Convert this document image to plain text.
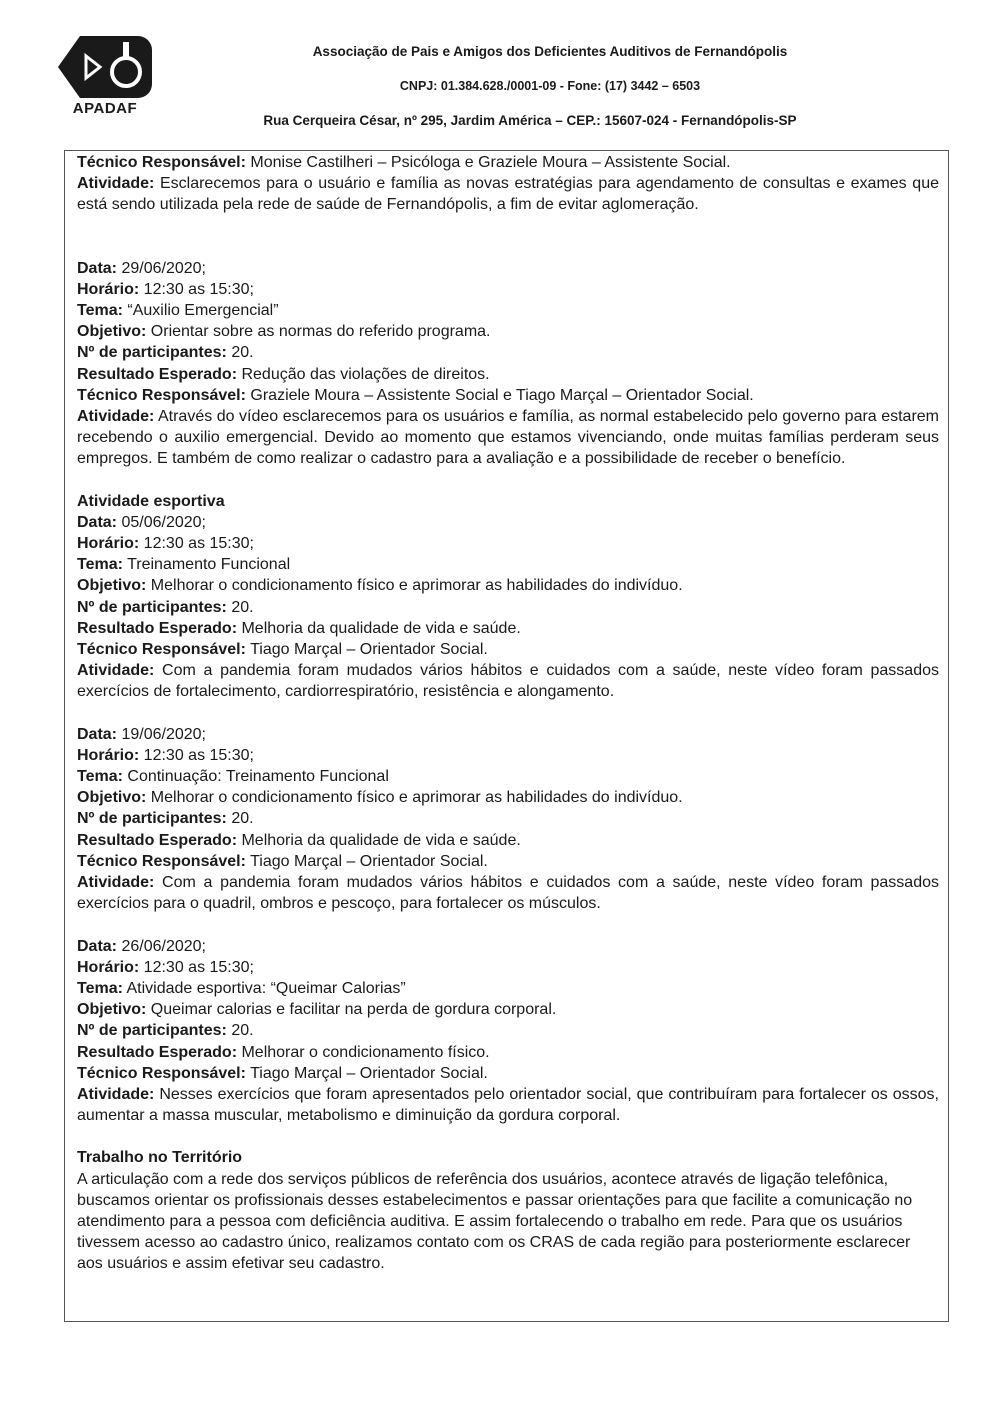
APADAF
Associação de Pais e Amigos dos Deficientes Auditivos de Fernandópolis
CNPJ: 01.384.628./0001-09 - Fone: (17) 3442 – 6503
Rua Cerqueira César, nº 295, Jardim América – CEP.: 15607-024 - Fernandópolis-SP

Técnico Responsável: Monise Castilheri – Psicóloga e Graziele Moura – Assistente Social.

Atividade: Esclarecemos para o usuário e família as novas estratégias para agendamento de consultas e exames que está sendo utilizada pela rede de saúde de Fernandópolis, a fim de evitar aglomeração.

Data: 29/06/2020;

Horário: 12:30 as 15:30;

Tema: “Auxilio Emergencial”

Objetivo: Orientar sobre as normas do referido programa.

Nº de participantes: 20.

Resultado Esperado: Redução das violações de direitos.

Técnico Responsável: Graziele Moura – Assistente Social e Tiago Marçal – Orientador Social.

Atividade: Através do vídeo esclarecemos para os usuários e família, as normal estabelecido pelo governo para estarem recebendo o auxilio emergencial. Devido ao momento que estamos vivenciando, onde muitas famílias perderam seus empregos. E também de como realizar o cadastro para a avaliação e a possibilidade de receber o benefício.

Atividade esportiva

Data: 05/06/2020;

Horário: 12:30 as 15:30;

Tema: Treinamento Funcional

Objetivo: Melhorar o condicionamento físico e aprimorar as habilidades do indivíduo.

Nº de participantes: 20.

Resultado Esperado: Melhoria da qualidade de vida e saúde.

Técnico Responsável: Tiago Marçal – Orientador Social.

Atividade: Com a pandemia foram mudados vários hábitos e cuidados com a saúde, neste vídeo foram passados exercícios de fortalecimento, cardiorrespiratório, resistência e alongamento.

Data: 19/06/2020;

Horário: 12:30 as 15:30;

Tema: Continuação: Treinamento Funcional

Objetivo: Melhorar o condicionamento físico e aprimorar as habilidades do indivíduo.

Nº de participantes: 20.

Resultado Esperado: Melhoria da qualidade de vida e saúde.

Técnico Responsável: Tiago Marçal – Orientador Social.

Atividade: Com a pandemia foram mudados vários hábitos e cuidados com a saúde, neste vídeo foram passados exercícios para o quadril, ombros e pescoço, para fortalecer os músculos.

Data: 26/06/2020;

Horário: 12:30 as 15:30;

Tema: Atividade esportiva: “Queimar Calorias”

Objetivo: Queimar calorias e facilitar na perda de gordura corporal.

Nº de participantes: 20.

Resultado Esperado: Melhorar o condicionamento físico.

Técnico Responsável: Tiago Marçal – Orientador Social.

Atividade: Nesses exercícios que foram apresentados pelo orientador social, que contribuíram para fortalecer os ossos, aumentar a massa muscular, metabolismo e diminuição da gordura corporal.

Trabalho no Território

A articulação com a rede dos serviços públicos de referência dos usuários, acontece através de ligação telefônica, buscamos orientar os profissionais desses estabelecimentos e passar orientações para que facilite a comunicação no atendimento para a pessoa com deficiência auditiva. E assim fortalecendo o trabalho em rede. Para que os usuários tivessem acesso ao cadastro único, realizamos contato com os CRAS de cada região para posteriormente esclarecer aos usuários e assim efetivar seu cadastro.
